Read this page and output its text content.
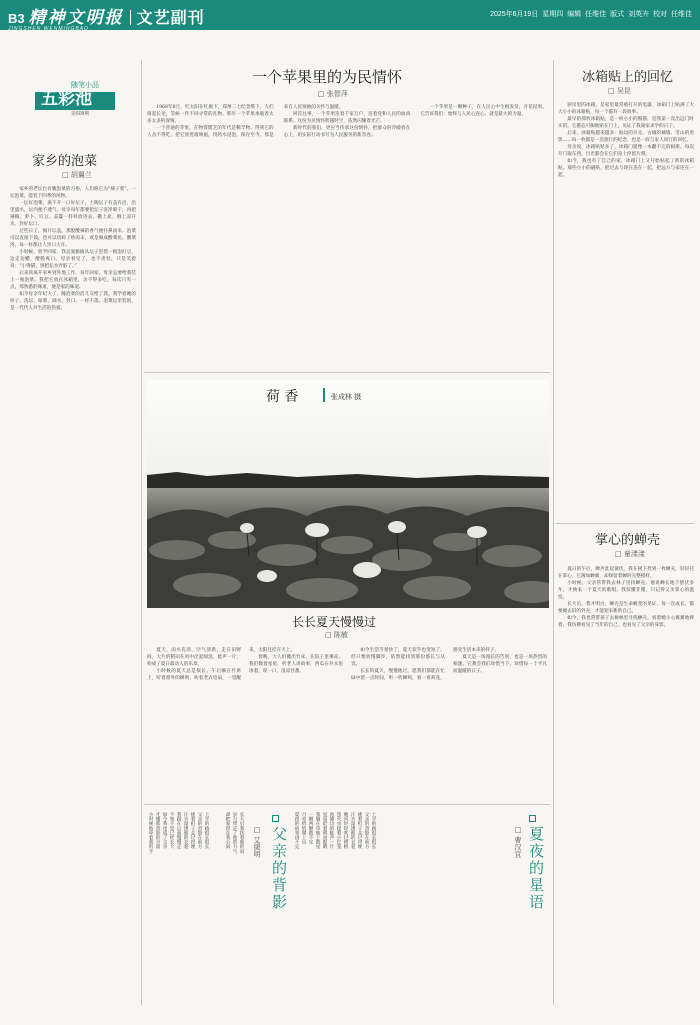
B3 精神文明报 文艺副刊
JINGSHEN WENMINGBAO
2025年6月19日 星期四 编辑 任维佳 版式 刘英卉 校对 任维佳
随笔小品
五彩池
第608期
家乡的泡菜
□ 胡翼兰

家乡的老坛台有腌泡菜的习俗，人们称它为“辣子菜”。一坛泡菜，能装下四季的风物。

一坛好泡菜，离不开一口好坛子。土陶坛子有盖有沿，沿里盛水，坛内便不透气。母亲每年都要把坛子洗净晾干，再把辣椒、萝卜、豇豆、蒜薹一样样放进去，撒上盐，倒上凉开水，封好坛口。

过些日子，揭开坛盖，那股酸辣的香气便扑鼻而来。泡菜可以直接下饭，也可以切碎了炒肉末，或是做成酸菜鱼、酸菜汤，每一样都让人胃口大开。

小时候，放学回家，我总爱偷偷从坛子里捞一根泡豇豆，边走边嚼，酸脆爽口。母亲看见了，也不责怪，只是笑着说：“小馋猫，别把坛水弄脏了。”

后来我离开家乡到外地工作，每年回家，母亲总要给我装上一瓶泡菜。我把它放在冰箱里，舍不得多吃，每次只夹一点，那熟悉的味道，便是家的味道。

如今母亲年纪大了，腌泡菜的活儿交给了我。我学着她的样子，洗坛、晾菜、调水、封口，一样不落。泡菜坛里装的，是一代代人对生活的热爱。

一个苹果里的为民情怀
□ 张智萍

1968年8月，红太阳在红旗下，郑州二七纪念塔下，人们排起长龙，等候一件不同寻常的礼物。那年一个苹果承载着太多太多的深情。

一个普通的苹果，在物资匮乏的年代是稀罕物。得到它的人舍不得吃，把它放进玻璃瓶，用药水浸泡，保存至今。那是来自人民领袖的关怀与温暖。

回首往事，一个苹果连着千家万户，连着党和人民的血肉联系。这份为民情怀跨越时空，依然闪耀着光芒。

新时代的我们，更应当传承这份情怀，把群众的冷暖放在心上，用实际行动书写为人民服务的新答卷。

一个苹果是一颗种子，在人民心中生根发芽，开花结果。它告诉我们：始终与人民心连心，就是最大的力量。

荷 香	张成林 摄
长长夏天慢慢过
□ 陈敏

夏天，雨水充沛，空气清新，走在田野间，大片的稻田在风中泛起绿浪，蛙声一片，构成了夏日最动人的乐章。

小时候的夏天总是很长。午后躺在竹席上，听着窗外的蝉鸣，吹着老式电扇，一觉醒来，太阳还挂在天上。

傍晚，大人们搬出竹床，在院子里乘凉。我们数着星星，听老人讲故事，西瓜在井水里冰着，咬一口，清凉甘甜。

如今生活节奏快了，夏天似乎也变短了。但只要放慢脚步，依然能找到那份悠长与从容。

长长的夏天，慢慢地过。愿我们都能在忙碌中留一点时间，听一听蝉鸣，看一看荷花，感受生活本来的样子。

夏天是一场漫长的告别，也是一场热烈的相逢。它教会我们珍惜当下，珍惜每一个平凡而温暖的日子。

上学的路很长很长
父亲的背影在前方
挑着担子走过田埂
汗水湿透他的衣裳
我跟在后面慢慢走
不知不觉已经长大
如今我也成了父亲
才懂那背影的分量
小时候他牵着我的手	长大后我扶着他的肩
岁月带走了他的力气
却把爱留在我心间	父亲的背影
□ 艾捷明	上学的路很长很长
父亲的背影在前方
挑着担子走过田埂
汗水湿透他的衣裳
晚风轻轻吹过树梢
萤火虫提着小灯笼
池塘边的蛙声一片
星星眨着明亮眼睛
我躺在草地上数星
一颗两颗数不完
月亮悄悄爬上山
夏夜的故事讲不完	夏夜的星语
□ 曹汉宜
冰箱贴上的回忆
□ 吴昆

厨房里的冰箱，是家里最常被打开的电器。冰箱门上贴满了大大小小的冰箱贴，每一个都有一段故事。

最早的那枚冰箱贴，是一枚小小的熊猫，是我第一次出远门时买的。它憨态可掬地贴在门上，见证了我离家求学的日子。

后来，冰箱贴越来越多：海边的贝壳、古城的城墙、雪山的剪影……每一枚都是一次旅行的纪念，也是一段与家人同行的回忆。

母亲说，冰箱贴贴多了，冰箱门就像一本翻不完的相册。每次开门取东西，目光都会在它们身上停留片刻。

如今，我也有了自己的家，冰箱门上又开始贴起了新的冰箱贴。那些小小的磁贴，把过去与现在连在一起，把远方与家连在一起。

掌心的蝉壳
□ 童漾漾

夏日的午后，蝉声此起彼伏。我在树下捡到一枚蝉壳，轻轻托在掌心，它薄如蝉翼，却保留着蝉的完整模样。

小时候，父亲常带我去林子里找蝉壳。他说蝉在地下蛰伏多年，才换来一个夏天的歌唱。我似懂非懂，只记得父亲掌心的温度。

长大后，我才明白，蝉壳是生命蜕变的见证。每一次成长，都要褪去旧的外壳，才能迎来新的自己。

如今，我也常带孩子去树林里寻找蝉壳。看着她小心翼翼地捧着，我仿佛看见了当年的自己，也看见了父亲的身影。
